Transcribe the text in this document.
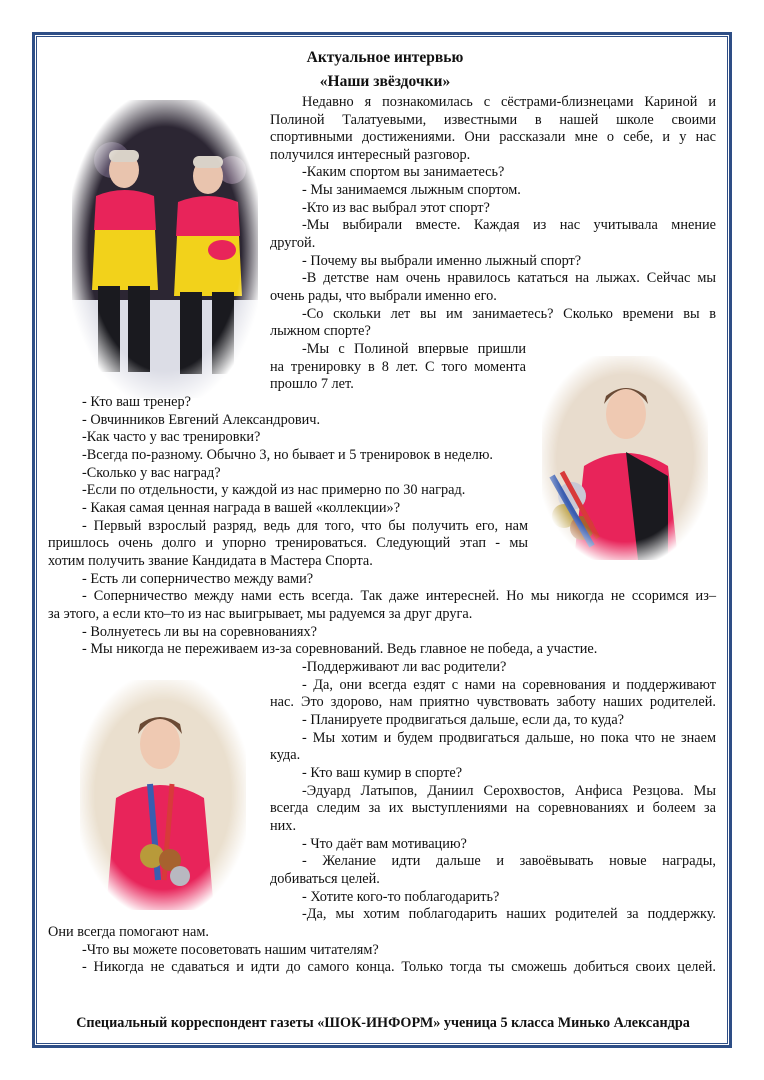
Актуальное интервью
«Наши звёздочки»
Недавно я познакомилась с сёстрами-близнецами Кариной и
Полиной Талатуевыми, известными в нашей школе своими
спортивными достижениями. Они рассказали мне о себе, и у нас
получился интересный разговор.
-Каким спортом вы занимаетесь?
- Мы занимаемся лыжным спортом.
-Кто из вас выбрал этот спорт?
-Мы выбирали вместе. Каждая из нас учитывала мнение
другой.
- Почему вы выбрали именно лыжный спорт?
-В детстве нам очень нравилось кататься на лыжах. Сейчас мы
очень рады, что выбрали именно его.
-Со скольки лет вы им занимаетесь? Сколько времени вы в
лыжном спорте?
-Мы с Полиной впервые пришли
на тренировку в 8 лет. С того момента
прошло 7 лет.
- Кто ваш тренер?
- Овчинников Евгений Александрович.
-Как часто у вас тренировки?
-Всегда по-разному. Обычно 3, но бывает и 5 тренировок в неделю.
-Сколько у вас наград?
-Если по отдельности, у каждой из нас примерно по 30 наград.
- Какая самая ценная награда в вашей «коллекции»?
- Первый взрослый разряд, ведь для того, что бы получить его, нам
пришлось очень долго и упорно тренироваться. Следующий этап - мы
хотим получить звание Кандидата в Мастера Спорта.
- Есть ли соперничество между вами?
- Соперничество между нами есть всегда. Так даже интересней. Но мы никогда не ссоримся из–
за этого, а если кто–то из нас выигрывает, мы радуемся за друг друга.
- Волнуетесь ли вы на соревнованиях?
- Мы никогда не переживаем из-за соревнований. Ведь главное не победа, а участие.
-Поддерживают ли вас родители?
- Да, они всегда ездят с нами на соревнования и поддерживают
нас. Это здорово, нам приятно чувствовать заботу наших родителей.
- Планируете продвигаться дальше, если да, то куда?
- Мы хотим и будем продвигаться дальше, но пока что не знаем
куда.
- Кто ваш кумир в спорте?
-Эдуард Латыпов, Даниил Серохвостов, Анфиса Резцова. Мы
всегда следим за их выступлениями на соревнованиях и болеем за
них.
- Что даёт вам мотивацию?
- Желание идти дальше и завоёвывать новые награды,
добиваться целей.
- Хотите кого-то поблагодарить?
-Да, мы хотим поблагодарить наших родителей за поддержку.
Они всегда помогают нам.
-Что вы можете посоветовать нашим читателям?
- Никогда не сдаваться и идти до самого конца. Только тогда ты сможешь добиться своих целей.
Специальный корреспондент газеты «ШОК-ИНФОРМ» ученица 5 класса Минько Александра
